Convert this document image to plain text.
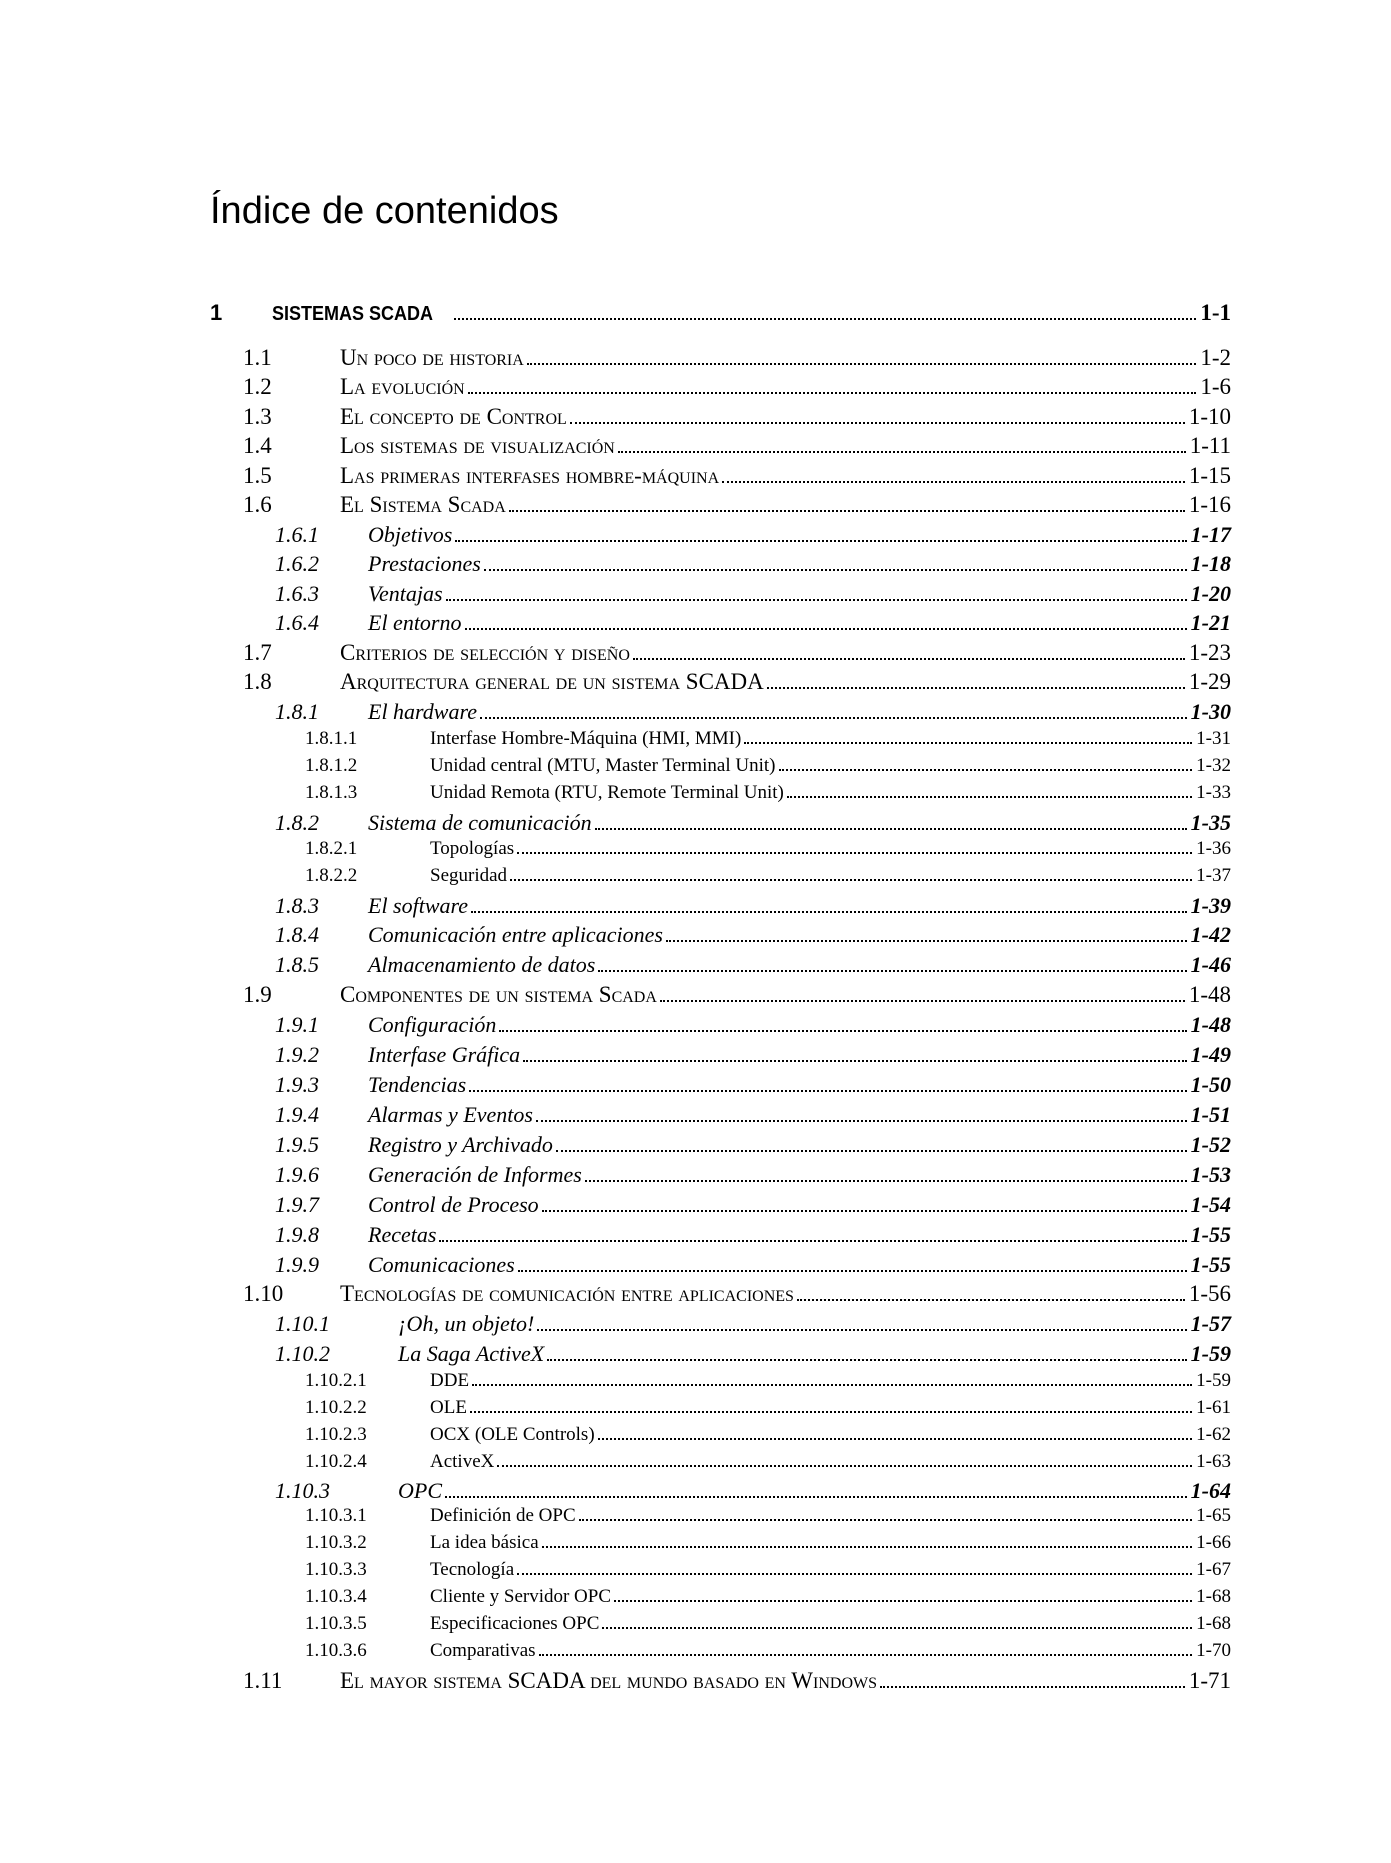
Índice de contenidos
1 SISTEMAS SCADA	1-1
1.1	Un poco de historia	1-2
1.2	La evolución	1-6
1.3	El concepto de Control	1-10
1.4	Los sistemas de visualización	1-11
1.5	Las primeras interfases hombre-máquina	1-15
1.6	El Sistema Scada	1-16
1.6.1 Objetivos	1-17
1.6.2 Prestaciones	1-18
1.6.3 Ventajas	1-20
1.6.4 El entorno	1-21
1.7	Criterios de selección y diseño	1-23
1.8	Arquitectura general de un sistema SCADA	1-29
1.8.1 El hardware	1-30
1.8.1.1	Interfase Hombre-Máquina (HMI, MMI)	1-31
1.8.1.2	Unidad central (MTU, Master Terminal Unit)	1-32
1.8.1.3	Unidad Remota (RTU, Remote Terminal Unit)	1-33
1.8.2 Sistema de comunicación	1-35
1.8.2.1	Topologías	1-36
1.8.2.2	Seguridad	1-37
1.8.3 El software	1-39
1.8.4 Comunicación entre aplicaciones	1-42
1.8.5 Almacenamiento de datos	1-46
1.9	Componentes de un sistema Scada	1-48
1.9.1 Configuración	1-48
1.9.2 Interfase Gráfica	1-49
1.9.3 Tendencias	1-50
1.9.4 Alarmas y Eventos	1-51
1.9.5 Registro y Archivado	1-52
1.9.6 Generación de Informes	1-53
1.9.7 Control de Proceso	1-54
1.9.8 Recetas	1-55
1.9.9 Comunicaciones	1-55
1.10 Tecnologías de comunicación entre aplicaciones	1-56
1.10.1	¡Oh, un objeto!	1-57
1.10.2	La Saga ActiveX	1-59
1.10.2.1	DDE	1-59
1.10.2.2	OLE	1-61
1.10.2.3	OCX (OLE Controls)	1-62
1.10.2.4	ActiveX	1-63
1.10.3	OPC	1-64
1.10.3.1	Definición de OPC	1-65
1.10.3.2	La idea básica	1-66
1.10.3.3	Tecnología	1-67
1.10.3.4	Cliente y Servidor OPC	1-68
1.10.3.5	Especificaciones OPC	1-68
1.10.3.6	Comparativas	1-70
1.11	El mayor sistema SCADA del mundo basado en Windows	1-71
